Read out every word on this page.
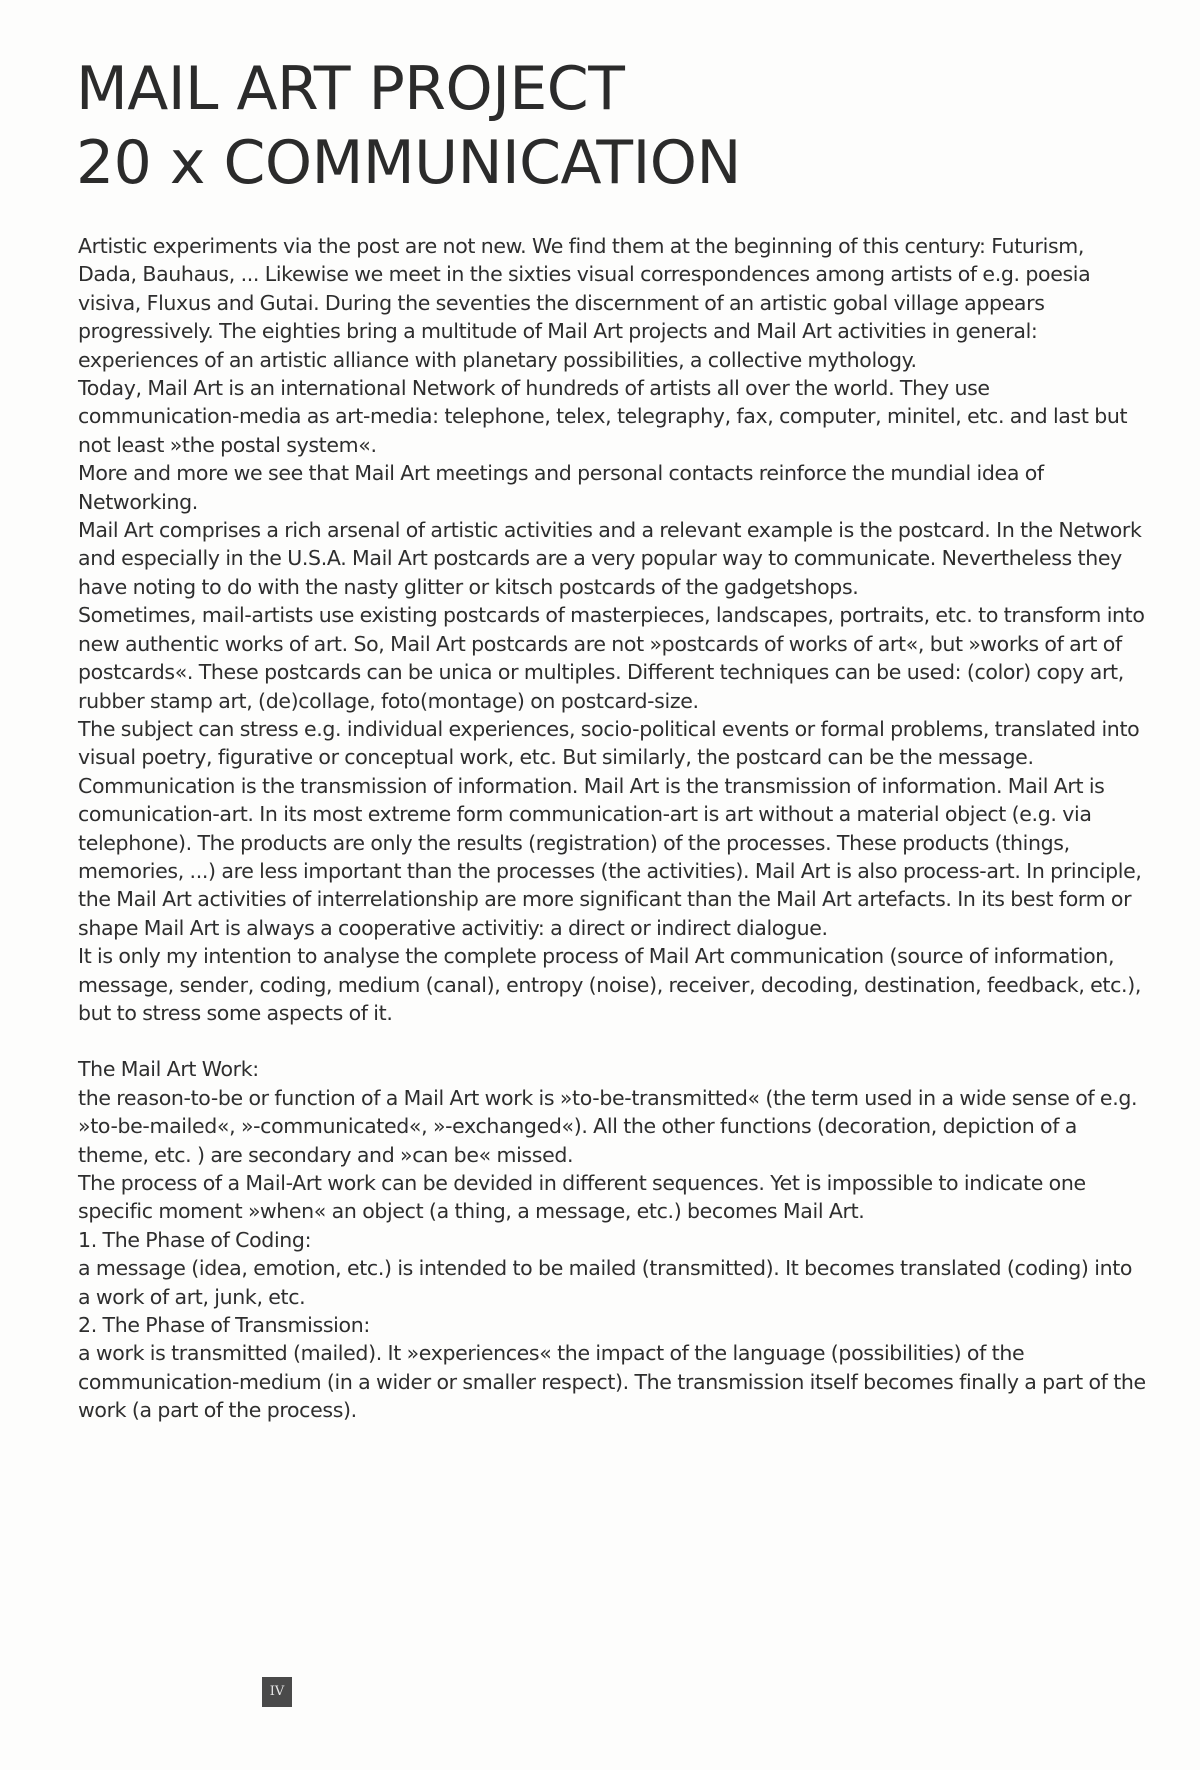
MAIL ART PROJECT
20 x COMMUNICATION

Artistic experiments via the post are not new. We find them at the beginning of this century: Futurism, Dada, Bauhaus, ... Likewise we meet in the sixties visual correspondences among artists of e.g. poesia visiva, Fluxus and Gutai. During the seventies the discernment of an artistic gobal village appears progressively. The eighties bring a multitude of Mail Art projects and Mail Art activities in general: experiences of an artistic alliance with planetary possibilities, a collective mythology.

Today, Mail Art is an international Network of hundreds of artists all over the world. They use communication-media as art-media: telephone, telex, telegraphy, fax, computer, minitel, etc. and last but not least »the postal system«.

More and more we see that Mail Art meetings and personal contacts reinforce the mundial idea of Networking.

Mail Art comprises a rich arsenal of artistic activities and a relevant example is the postcard. In the Network and especially in the U.S.A. Mail Art postcards are a very popular way to communicate. Nevertheless they have noting to do with the nasty glitter or kitsch postcards of the gadgetshops.

Sometimes, mail-artists use existing postcards of masterpieces, landscapes, portraits, etc. to transform into new authentic works of art. So, Mail Art postcards are not »postcards of works of art«, but »works of art of postcards«. These postcards can be unica or multiples. Different techniques can be used: (color) copy art, rubber stamp art, (de)collage, foto(montage) on postcard-size.

The subject can stress e.g. individual experiences, socio-political events or formal problems, translated into visual poetry, figurative or conceptual work, etc. But similarly, the postcard can be the message.

Communication is the transmission of information. Mail Art is the transmission of information. Mail Art is comunication-art. In its most extreme form communication-art is art without a material object (e.g. via telephone). The products are only the results (registration) of the processes. These products (things, memories, ...) are less important than the processes (the activities). Mail Art is also process-art. In principle, the Mail Art activities of interrelationship are more significant than the Mail Art artefacts. In its best form or shape Mail Art is always a cooperative activitiy: a direct or indirect dialogue.

It is only my intention to analyse the complete process of Mail Art communication (source of information, message, sender, coding, medium (canal), entropy (noise), receiver, decoding, destination, feedback, etc.), but to stress some aspects of it.

The Mail Art Work:

the reason-to-be or function of a Mail Art work is »to-be-transmitted« (the term used in a wide sense of e.g. »to-be-mailed«, »-communicated«, »-exchanged«). All the other functions (decoration, depiction of a theme, etc. ) are secondary and »can be« missed.

The process of a Mail-Art work can be devided in different sequences. Yet is impossible to indicate one specific moment »when« an object (a thing, a message, etc.) becomes Mail Art.

1. The Phase of Coding:

a message (idea, emotion, etc.) is intended to be mailed (transmitted). It becomes translated (coding) into a work of art, junk, etc.

2. The Phase of Transmission:

a work is transmitted (mailed). It »experiences« the impact of the language (possibilities) of the communication-medium (in a wider or smaller respect). The transmission itself becomes finally a part of the work (a part of the process).

IV
